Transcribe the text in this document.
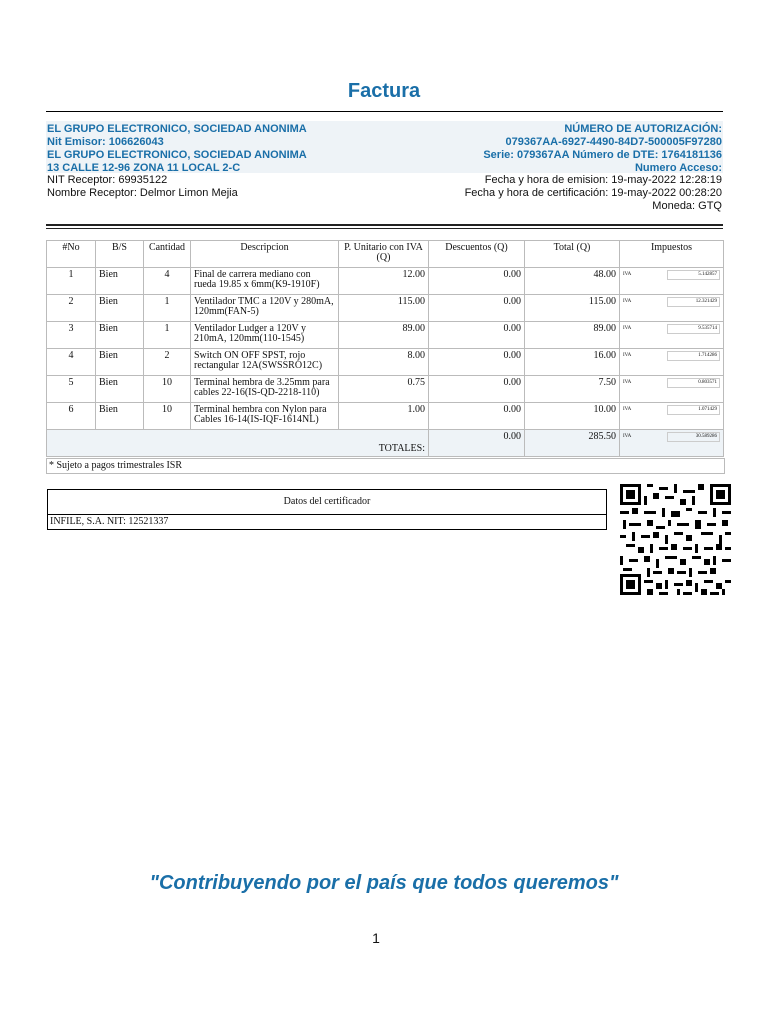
Factura
EL GRUPO ELECTRONICO, SOCIEDAD ANONIMA
Nit Emisor: 106626043
EL GRUPO ELECTRONICO, SOCIEDAD ANONIMA
13 CALLE 12-96 ZONA 11 LOCAL 2-C
NÚMERO DE AUTORIZACIÓN:
079367AA-6927-4490-84D7-500005F97280
Serie: 079367AA Número de DTE: 1764181136
Numero Acceso:
NIT Receptor: 69935122
Nombre Receptor: Delmor Limon Mejia
Fecha y hora de emision: 19-may-2022 12:28:19
Fecha y hora de certificación: 19-may-2022 00:28:20
Moneda: GTQ
#No	B/S	Cantidad	Descripcion	P. Unitario con IVA (Q)	Descuentos (Q)	Total (Q)	Impuestos
1	Bien	4	Final de carrera mediano con rueda 19.85 x 6mm(K9-1910F)	12.00	0.00	48.00	IVA 5.142857

2	Bien	1	Ventilador TMC a 120V y 280mA, 120mm(FAN-5)	115.00	0.00	115.00	IVA 12.321429

3	Bien	1	Ventilador Ludger a 120V y 210mA, 120mm(110-1545)	89.00	0.00	89.00	IVA 9.535714

4	Bien	2	Switch ON OFF SPST, rojo rectangular 12A(SWSSRO12C)	8.00	0.00	16.00	IVA 1.714286

5	Bien	10	Terminal hembra de 3.25mm para cables 22-16(IS-QD-2218-110)	0.75	0.00	7.50	IVA 0.803571

6	Bien	10	Terminal hembra con Nylon para Cables 16-14(IS-IQF-1614NL)	1.00	0.00	10.00	IVA 1.071429

TOTALES:					0.00	285.50	IVA 30.589286
* Sujeto a pagos trimestrales ISR
Datos del certificador
INFILE, S.A. NIT: 12521337
"Contribuyendo por el país que todos queremos"
1
